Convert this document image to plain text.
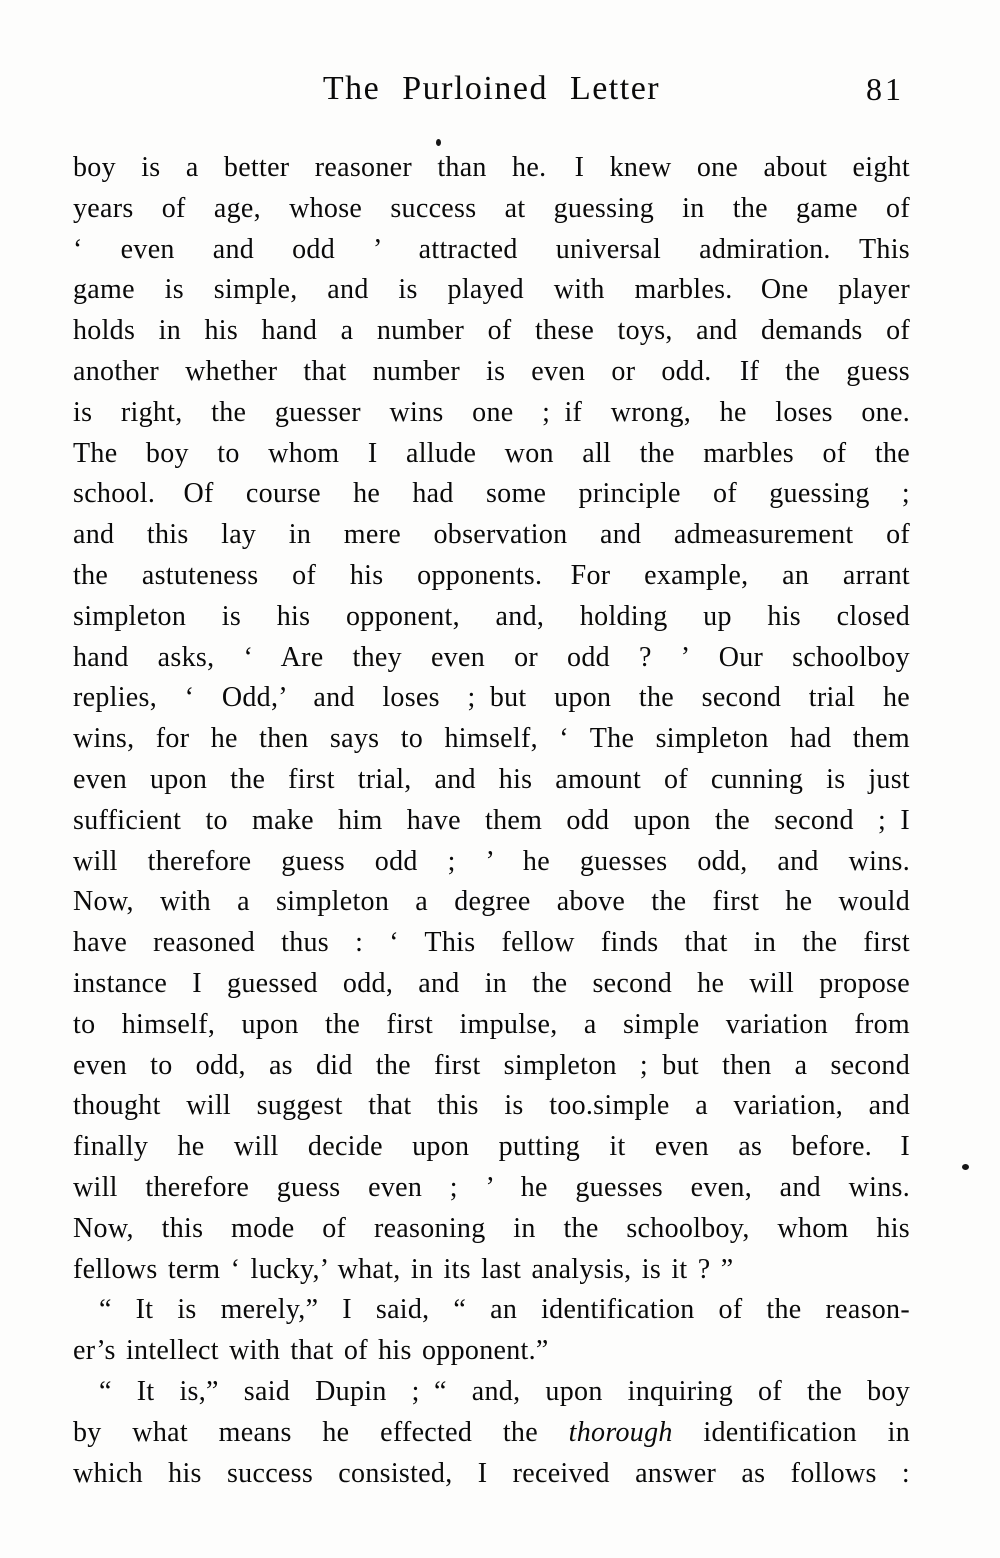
The Purloined Letter	81
boy is a better reasoner than he. I knew one about eight
years of age, whose success at guessing in the game of
‘ even and odd ’ attracted universal admiration. This
game is simple, and is played with marbles. One player
holds in his hand a number of these toys, and demands of
another whether that number is even or odd. If the guess
is right, the guesser wins one ; if wrong, he loses one.
The boy to whom I allude won all the marbles of the
school. Of course he had some principle of guessing ;
and this lay in mere observation and admeasurement of
the astuteness of his opponents. For example, an arrant
simpleton is his opponent, and, holding up his closed
hand asks, ‘ Are they even or odd ? ’ Our schoolboy
replies, ‘ Odd,’ and loses ; but upon the second trial he
wins, for he then says to himself, ‘ The simpleton had them
even upon the first trial, and his amount of cunning is just
sufficient to make him have them odd upon the second ; I
will therefore guess odd ; ’ he guesses odd, and wins.
Now, with a simpleton a degree above the first he would
have reasoned thus : ‘ This fellow finds that in the first
instance I guessed odd, and in the second he will propose
to himself, upon the first impulse, a simple variation from
even to odd, as did the first simpleton ; but then a second
thought will suggest that this is too.simple a variation, and
finally he will decide upon putting it even as before. I
will therefore guess even ; ’ he guesses even, and wins.
Now, this mode of reasoning in the schoolboy, whom his
fellows term ‘ lucky,’ what, in its last analysis, is it ? ”
“ It is merely,” I said, “ an identification of the reason-
er’s intellect with that of his opponent.”
“ It is,” said Dupin ; “ and, upon inquiring of the boy
by what means he effected the thorough identification in
which his success consisted, I received answer as follows :
